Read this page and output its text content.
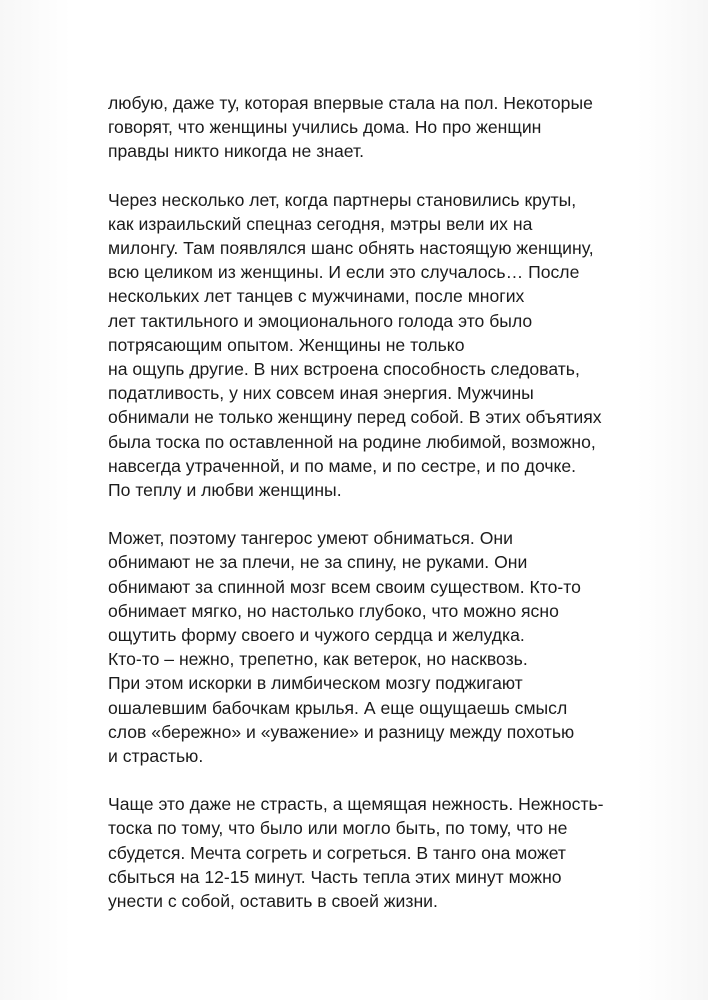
любую, даже ту, которая впервые стала на пол. Некоторые
говорят, что женщины учились дома. Но про женщин
правды никто никогда не знает.

Через несколько лет, когда партнеры становились круты,
как израильский спецназ сегодня, мэтры вели их на
милонгу. Там появлялся шанс обнять настоящую женщину,
всю целиком из женщины. И если это случалось… После
нескольких лет танцев с мужчинами, после многих
лет тактильного и эмоционального голода это было
потрясающим опытом. Женщины не только
на ощупь другие. В них встроена способность следовать,
податливость, у них совсем иная энергия. Мужчины
обнимали не только женщину перед собой. В этих объятиях
была тоска по оставленной на родине любимой, возможно,
навсегда утраченной, и по маме, и по сестре, и по дочке.
По теплу и любви женщины.

Может, поэтому тангерос умеют обниматься. Они
обнимают не за плечи, не за спину, не руками. Они
обнимают за спинной мозг всем своим существом. Кто-то
обнимает мягко, но настолько глубоко, что можно ясно
ощутить форму своего и чужого сердца и желудка.
Кто-то – нежно, трепетно, как ветерок, но насквозь.
При этом искорки в лимбическом мозгу поджигают
ошалевшим бабочкам крылья. А еще ощущаешь смысл
слов «бережно» и «уважение» и разницу между похотью
и страстью.

Чаще это даже не страсть, а щемящая нежность. Нежность-
тоска по тому, что было или могло быть, по тому, что не
сбудется. Мечта согреть и согреться. В танго она может
сбыться на 12-15 минут. Часть тепла этих минут можно
унести с собой, оставить в своей жизни.
